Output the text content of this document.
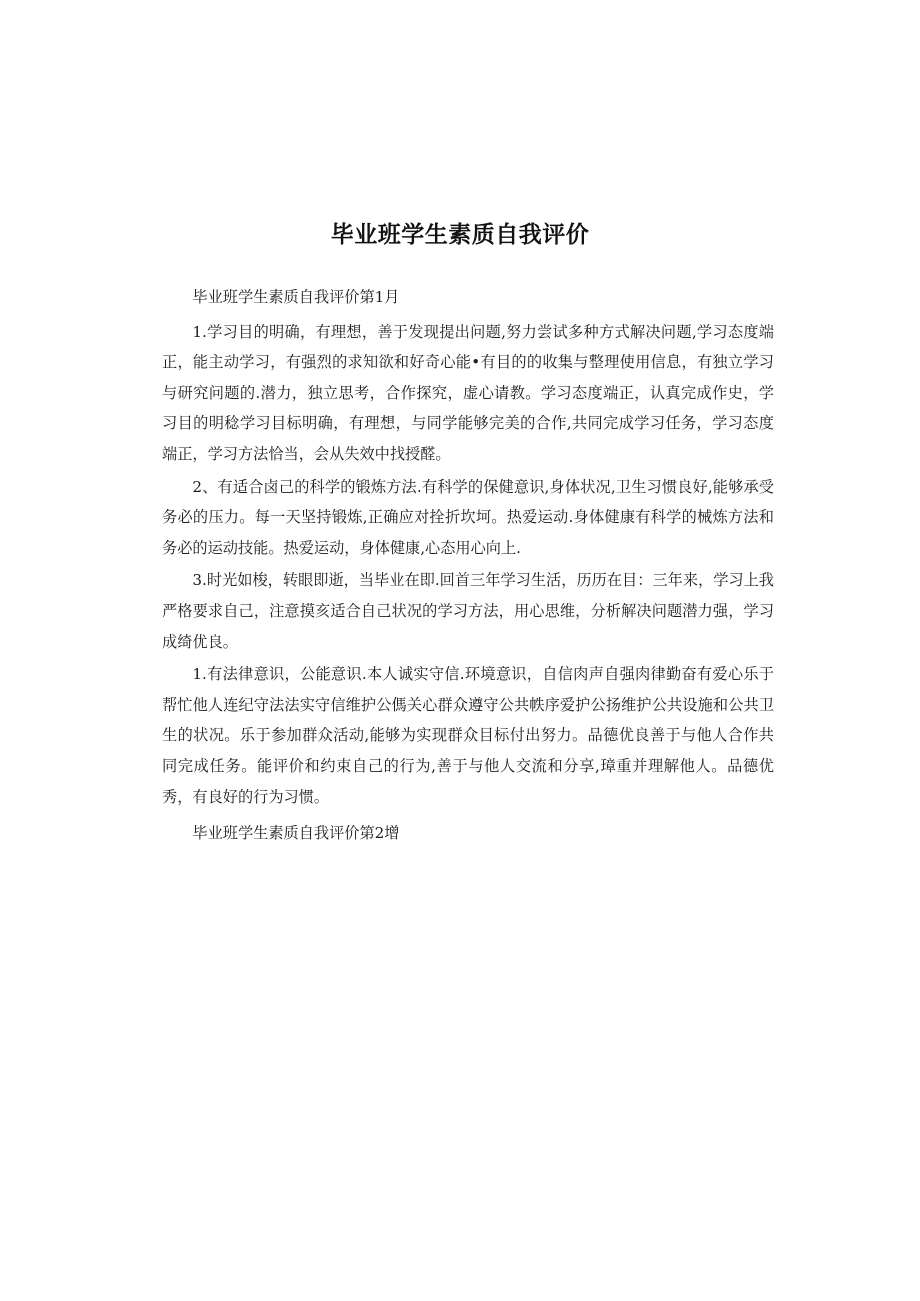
毕业班学生素质自我评价

毕业班学生素质自我评价第1月

1.学习目的明确，有理想，善于发现提出问题,努力尝试多种方式解决问题,学习态度端正，能主动学习，有强烈的求知欲和好奇心能•有目的的收集与整理使用信息，有独立学习与研究问题的.潜力，独立思考，合作探究，虚心请教。学习态度端正，认真完成作史，学习目的明稔学习目标明确，有理想，与同学能够完美的合作,共同完成学习任务，学习态度端正，学习方法恰当，会从失效中找授醛。

2、有适合卤己的科学的锻炼方法.有科学的保健意识,身体状况,卫生习惯良好,能够承受务必的压力。每一天坚持锻炼,正确应对拴折坎坷。热爱运动.身体健康有科学的械炼方法和务必的运动技能。热爱运动，身体健康,心态用心向上.

3.时光如梭，转眼即逝，当毕业在即.回首三年学习生活，历历在目：三年来，学习上我严格要求自己，注意摸亥适合自己状况的学习方法，用心思维，分析解决问题潜力强，学习成绮优良。

1.有法律意识，公能意识.本人诚实守信.环境意识，自信肉声自强肉律勤奋有爱心乐于帮忙他人连纪守法法实守信维护公傌关心群众遵守公共帙序爱护公扬维护公共设施和公共卫生的状况。乐于参加群众活动,能够为实现群众目标付出努力。品德优良善于与他人合作共同完成任务。能评价和约束自己的行为,善于与他人交流和分享,璋重并理解他人。品德优秀，有良好的行为习惯。

毕业班学生素质自我评价第2增
